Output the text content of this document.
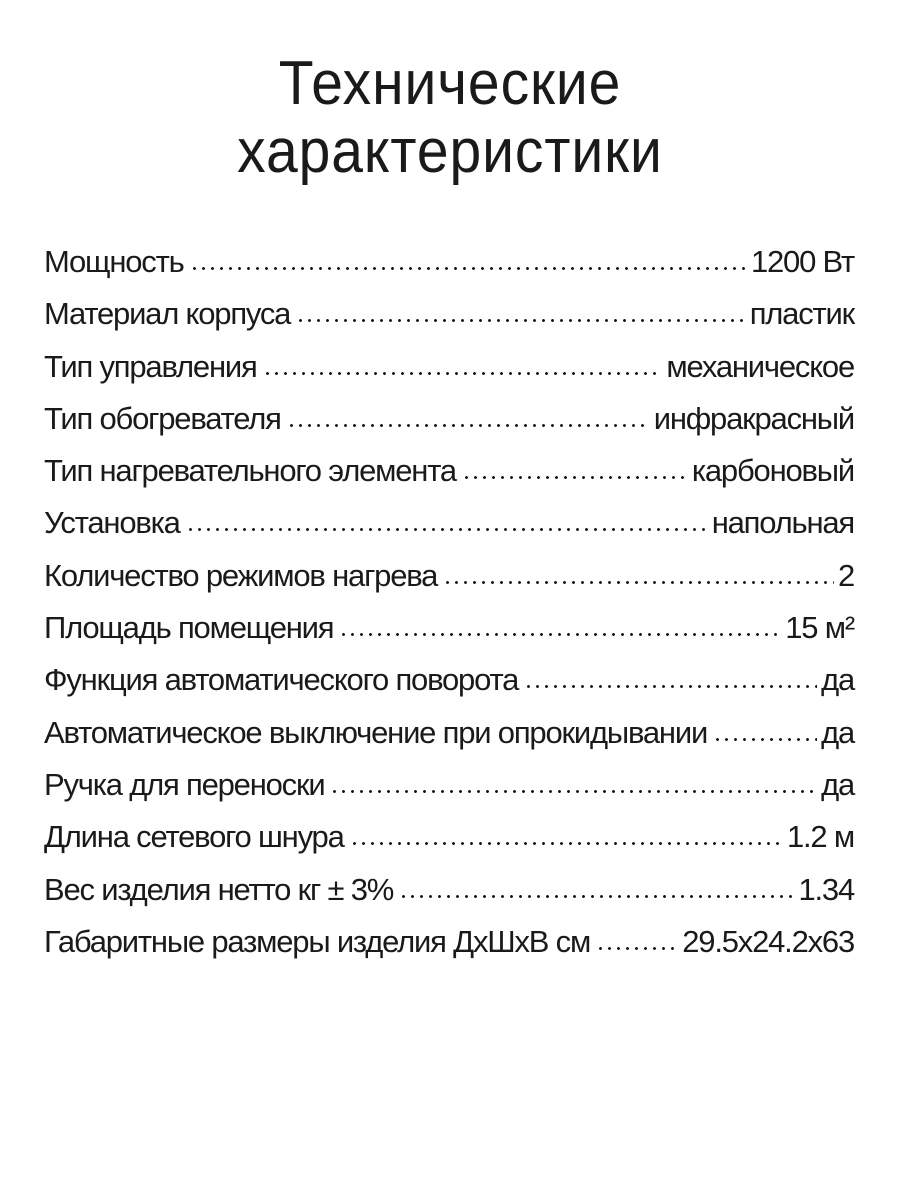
Технические
характеристики
Мощность	1200 Вт
Материал корпуса	пластик
Тип управления	механическое
Тип обогревателя	инфракрасный
Тип нагревательного элемента	карбоновый
Установка	напольная
Количество режимов нагрева	2
Площадь помещения	15 м²
Функция автоматического поворота	да
Автоматическое выключение при опрокидывании	да
Ручка для переноски	да
Длина сетевого шнура	1.2 м
Вес изделия нетто кг ± 3%	1.34
Габаритные размеры изделия ДхШхВ см	29.5х24.2х63
